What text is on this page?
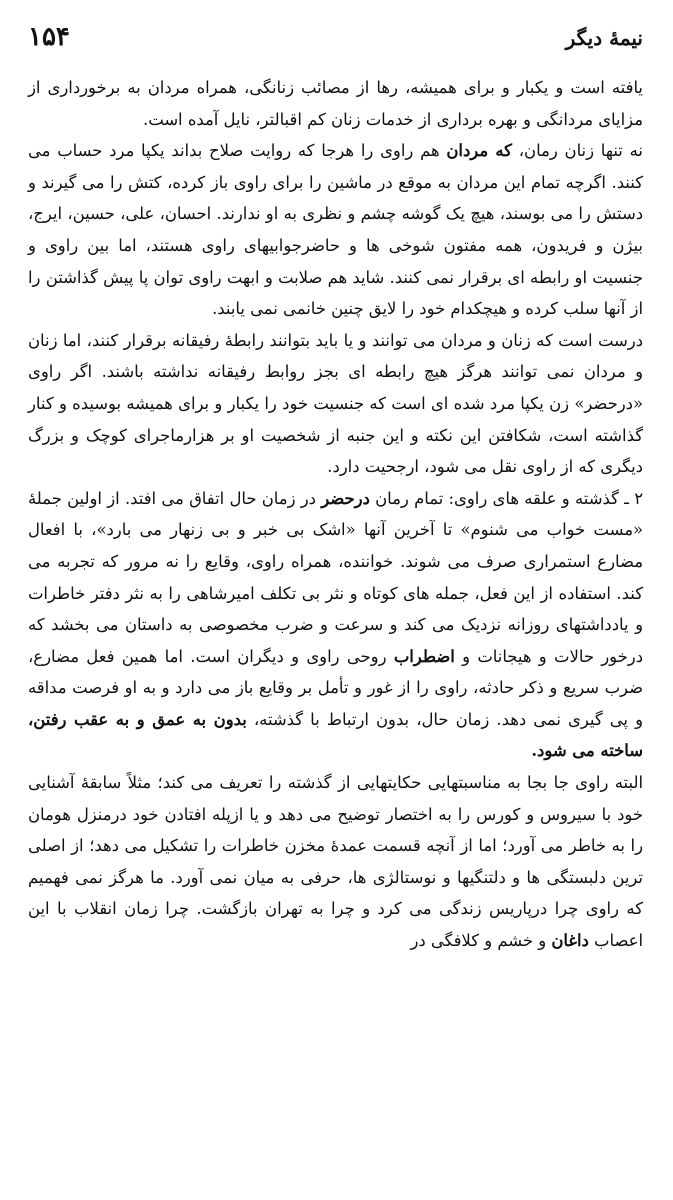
نیمهٔ دیگر
۱۵۴

یافته است و یکبار و برای همیشه، رها از مصائب زنانگی، همراه مردان به برخورداری از مزایای مردانگی و بهره برداری از خدمات زنان کم اقبالتر، نایل آمده است.

نه تنها زنان رمان، که مردان هم راوی را هرجا که روایت صلاح بداند یکپا مرد حساب می کنند. اگرچه تمام این مردان به موقع در ماشین را برای راوی باز کرده، کتش را می گیرند و دستش را می بوسند، هیچ یک گوشه چشم و نظری به او ندارند. احسان، علی، حسین، ایرج، بیژن و فریدون، همه مفتون شوخی ها و حاضرجوابیهای راوی هستند، اما بین راوی و جنسیت او رابطه ای برقرار نمی کنند. شاید هم صلابت و ابهت راوی توان پا پیش گذاشتن را از آنها سلب کرده و هیچکدام خود را لایق چنین خانمی نمی یابند.

درست است که زنان و مردان می توانند و یا باید بتوانند رابطهٔ رفیقانه برقرار کنند، اما زنان و مردان نمی توانند هرگز هیچ رابطه ای بجز روابط رفیقانه نداشته باشند. اگر راوی «درحضر» زن یکپا مرد شده ای است که جنسیت خود را یکبار و برای همیشه بوسیده و کنار گذاشته است، شکافتن این نکته و این جنبه از شخصیت او بر هزارماجرای کوچک و بزرگ دیگری که از راوی نقل می شود، ارجحیت دارد.

۲ ـ گذشته و علقه های راوی: تمام رمان درحضر در زمان حال اتفاق می افتد. از اولین جملهٔ «مست خواب می شنوم» تا آخرین آنها «اشک بی خبر و بی زنهار می بارد»، با افعال مضارع استمراری صرف می شوند. خواننده، همراه راوی، وقایع را نه مرور که تجربه می کند. استفاده از این فعل، جمله های کوتاه و نثر بی تکلف امیرشاهی را به نثر دفتر خاطرات و یادداشتهای روزانه نزدیک می کند و سرعت و ضرب مخصوصی به داستان می بخشد که درخور حالات و هیجانات و اضطراب روحی راوی و دیگران است. اما همین فعل مضارع، ضرب سریع و ذکر حادثه، راوی را از غور و تأمل بر وقایع باز می دارد و به او فرصت مداقه و پی گیری نمی دهد. زمان حال، بدون ارتباط با گذشته، بدون به عمق و به عقب رفتن، ساخته می شود.

البته راوی جا بجا به مناسبتهایی حکایتهایی از گذشته را تعریف می کند؛ مثلاً سابقهٔ آشنایی خود با سیروس و کورس را به اختصار توضیح می دهد و یا ازپله افتادن خود درمنزل هومان را به خاطر می آورد؛ اما از آنچه قسمت عمدهٔ مخزن خاطرات را تشکیل می دهد؛ از اصلی ترین دلبستگی ها و دلتنگیها و نوستالژی ها، حرفی به میان نمی آورد. ما هرگز نمی فهمیم که راوی چرا درپاریس زندگی می کرد و چرا به تهران بازگشت. چرا زمان انقلاب با این اعصاب داغان و خشم و کلافگی در
